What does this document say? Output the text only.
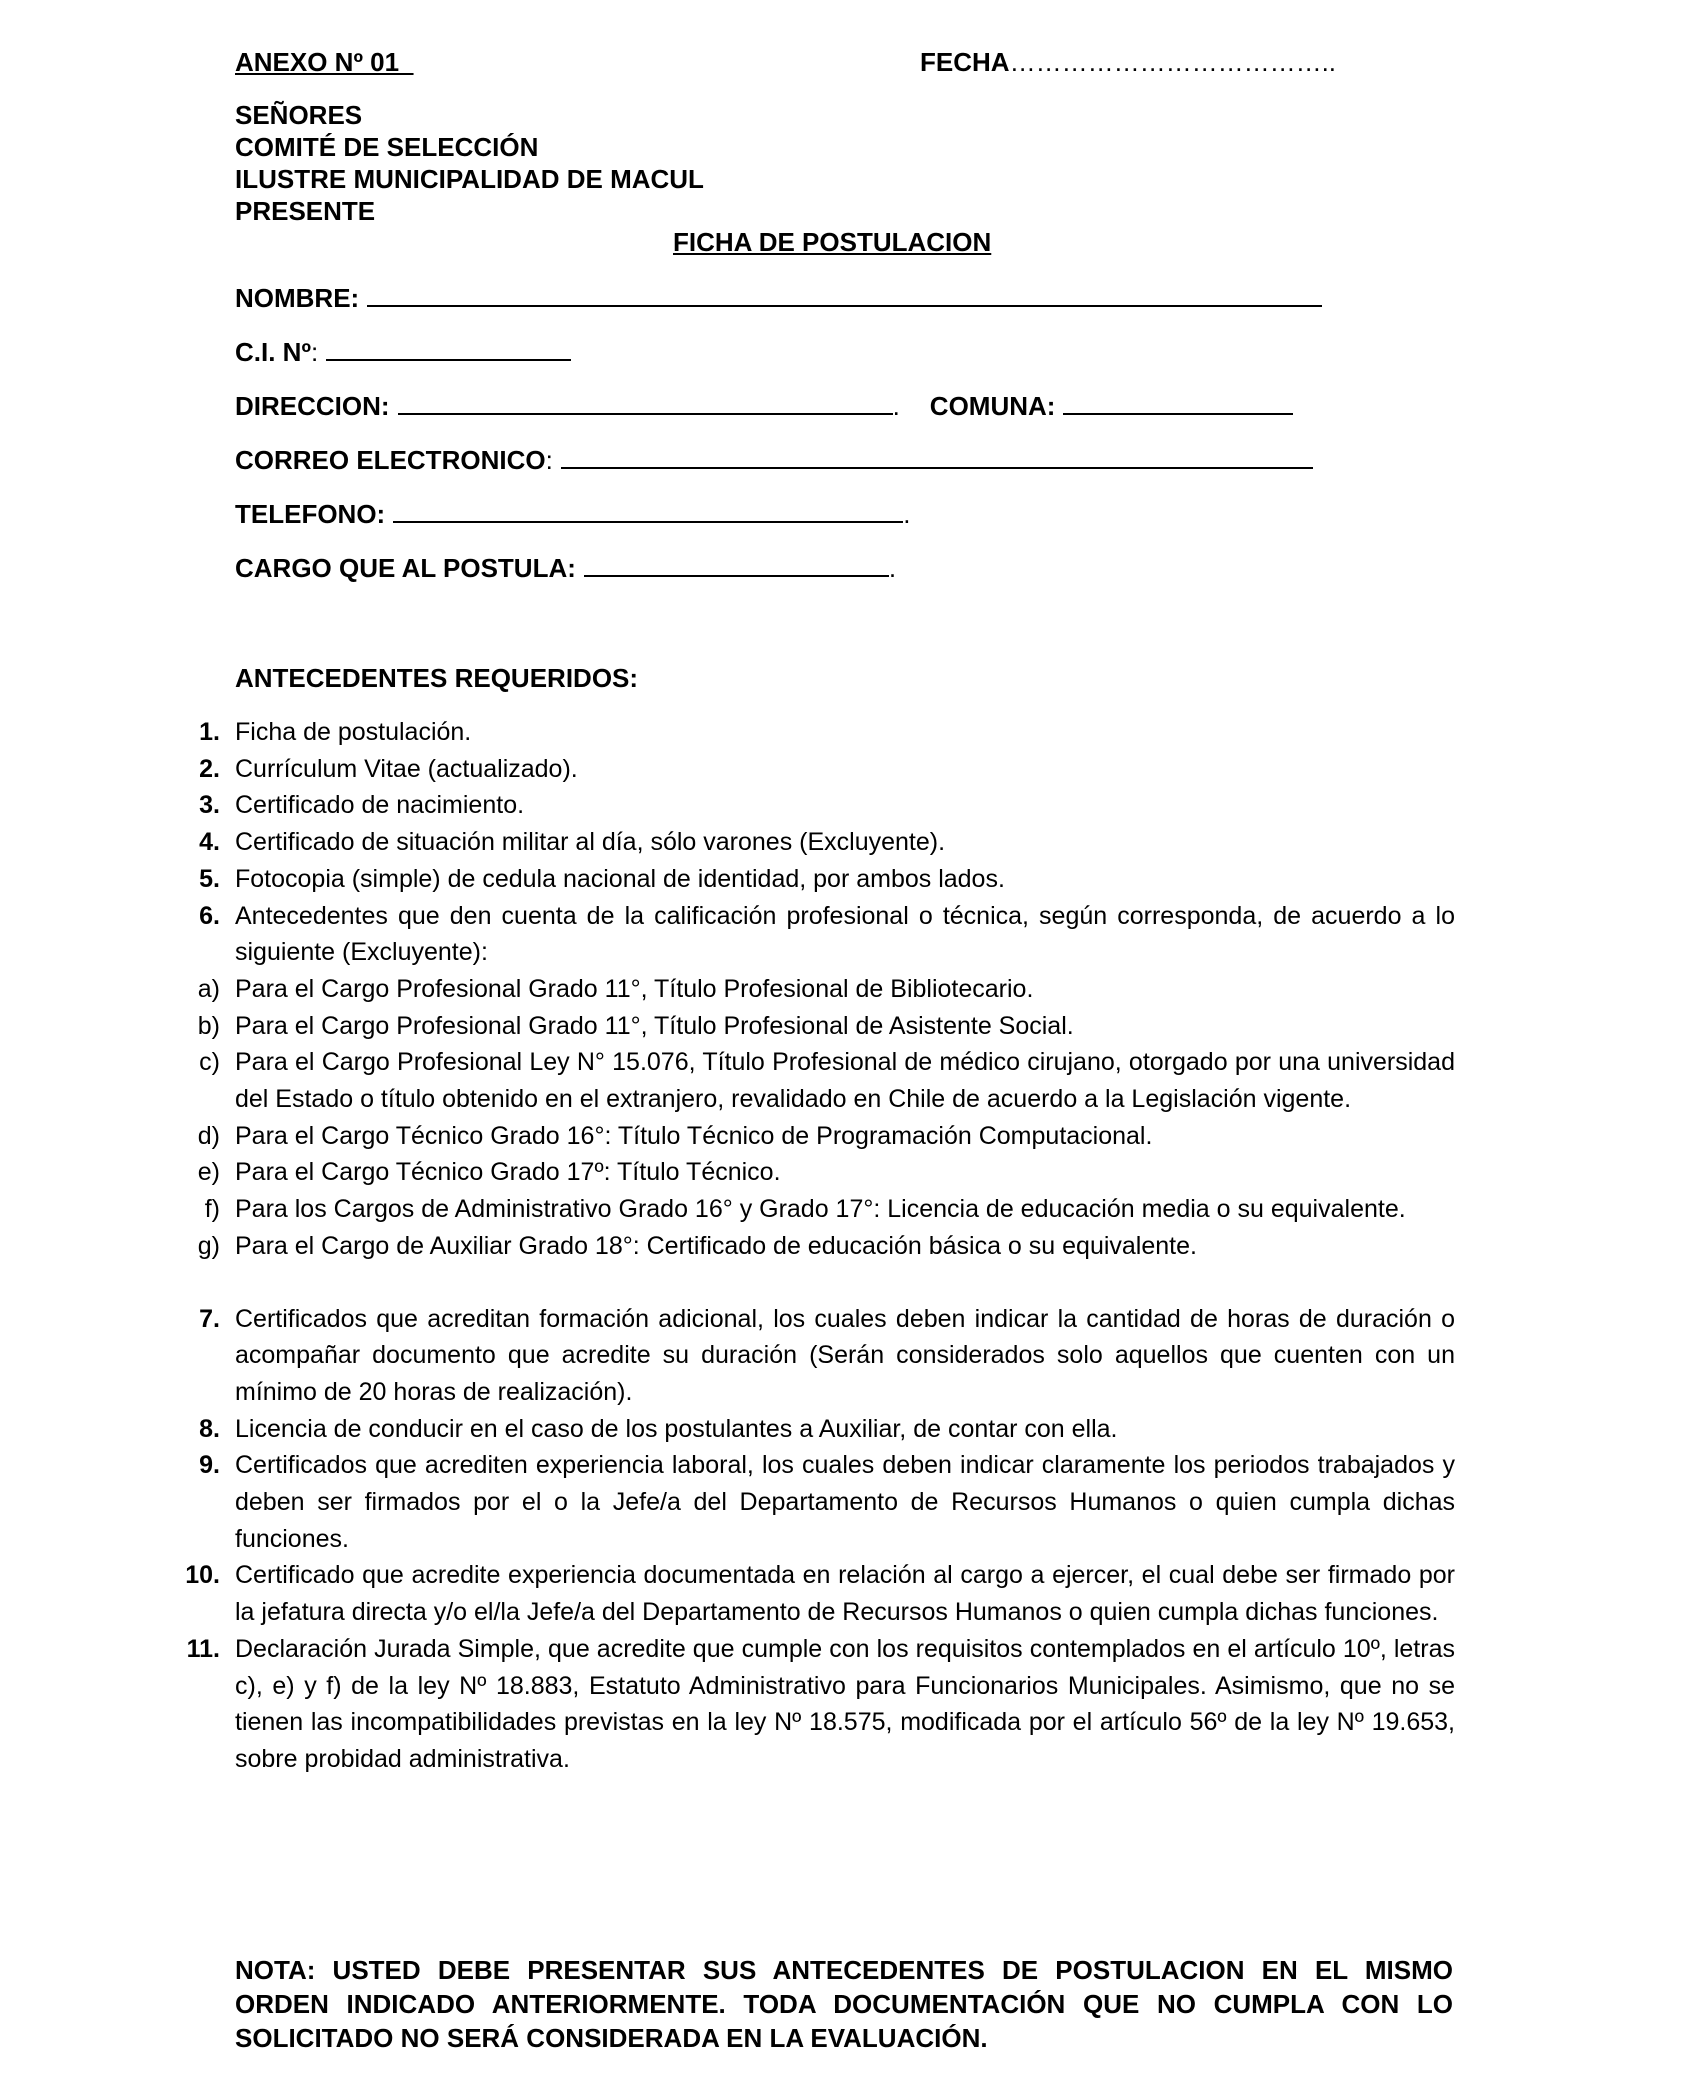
ANEXO Nº 01	FECHA………………………………..
SEÑORES
COMITÉ DE SELECCIÓN
ILUSTRE MUNICIPALIDAD DE MACUL
PRESENTE
FICHA DE POSTULACION
NOMBRE:
C.I. Nº :
DIRECCION:	. COMUNA:
CORREO ELECTRONICO :
TELEFONO:	.
CARGO QUE AL POSTULA:	.
ANTECEDENTES REQUERIDOS:
1. Ficha de postulación.
2. Currículum Vitae (actualizado).
3. Certificado de nacimiento.
4. Certificado de situación militar al día, sólo varones (Excluyente).
5. Fotocopia (simple) de cedula nacional de identidad, por ambos lados.
6. Antecedentes que den cuenta de la calificación profesional o técnica, según corresponda, de acuerdo a lo siguiente (Excluyente):
a) Para el Cargo Profesional Grado 11°, Título Profesional de Bibliotecario.
b) Para el Cargo Profesional Grado 11°, Título Profesional de Asistente Social.
c) Para el Cargo Profesional Ley N° 15.076, Título Profesional de médico cirujano, otorgado por una universidad del Estado o título obtenido en el extranjero, revalidado en Chile de acuerdo a la Legislación vigente.
d) Para el Cargo Técnico Grado 16°: Título Técnico de Programación Computacional.
e) Para el Cargo Técnico Grado 17º: Título Técnico.
f) Para los Cargos de Administrativo Grado 16° y Grado 17°: Licencia de educación media o su equivalente.
g) Para el Cargo de Auxiliar Grado 18°: Certificado de educación básica o su equivalente.
7. Certificados que acreditan formación adicional, los cuales deben indicar la cantidad de horas de duración o acompañar documento que acredite su duración (Serán considerados solo aquellos que cuenten con un mínimo de 20 horas de realización).
8. Licencia de conducir en el caso de los postulantes a Auxiliar, de contar con ella.
9. Certificados que acrediten experiencia laboral, los cuales deben indicar claramente los periodos trabajados y deben ser firmados por el o la Jefe/a del Departamento de Recursos Humanos o quien cumpla dichas funciones.
10. Certificado que acredite experiencia documentada en relación al cargo a ejercer, el cual debe ser firmado por la jefatura directa y/o el/la Jefe/a del Departamento de Recursos Humanos o quien cumpla dichas funciones.
11. Declaración Jurada Simple, que acredite que cumple con los requisitos contemplados en el artículo 10º, letras c), e) y f) de la ley Nº 18.883, Estatuto Administrativo para Funcionarios Municipales. Asimismo, que no se tienen las incompatibilidades previstas en la ley Nº 18.575, modificada por el artículo 56º de la ley Nº 19.653, sobre probidad administrativa.
NOTA: USTED DEBE PRESENTAR SUS ANTECEDENTES DE POSTULACION EN EL MISMO ORDEN INDICADO ANTERIORMENTE. TODA DOCUMENTACIÓN QUE NO CUMPLA CON LO SOLICITADO NO SERÁ CONSIDERADA EN LA EVALUACIÓN.
